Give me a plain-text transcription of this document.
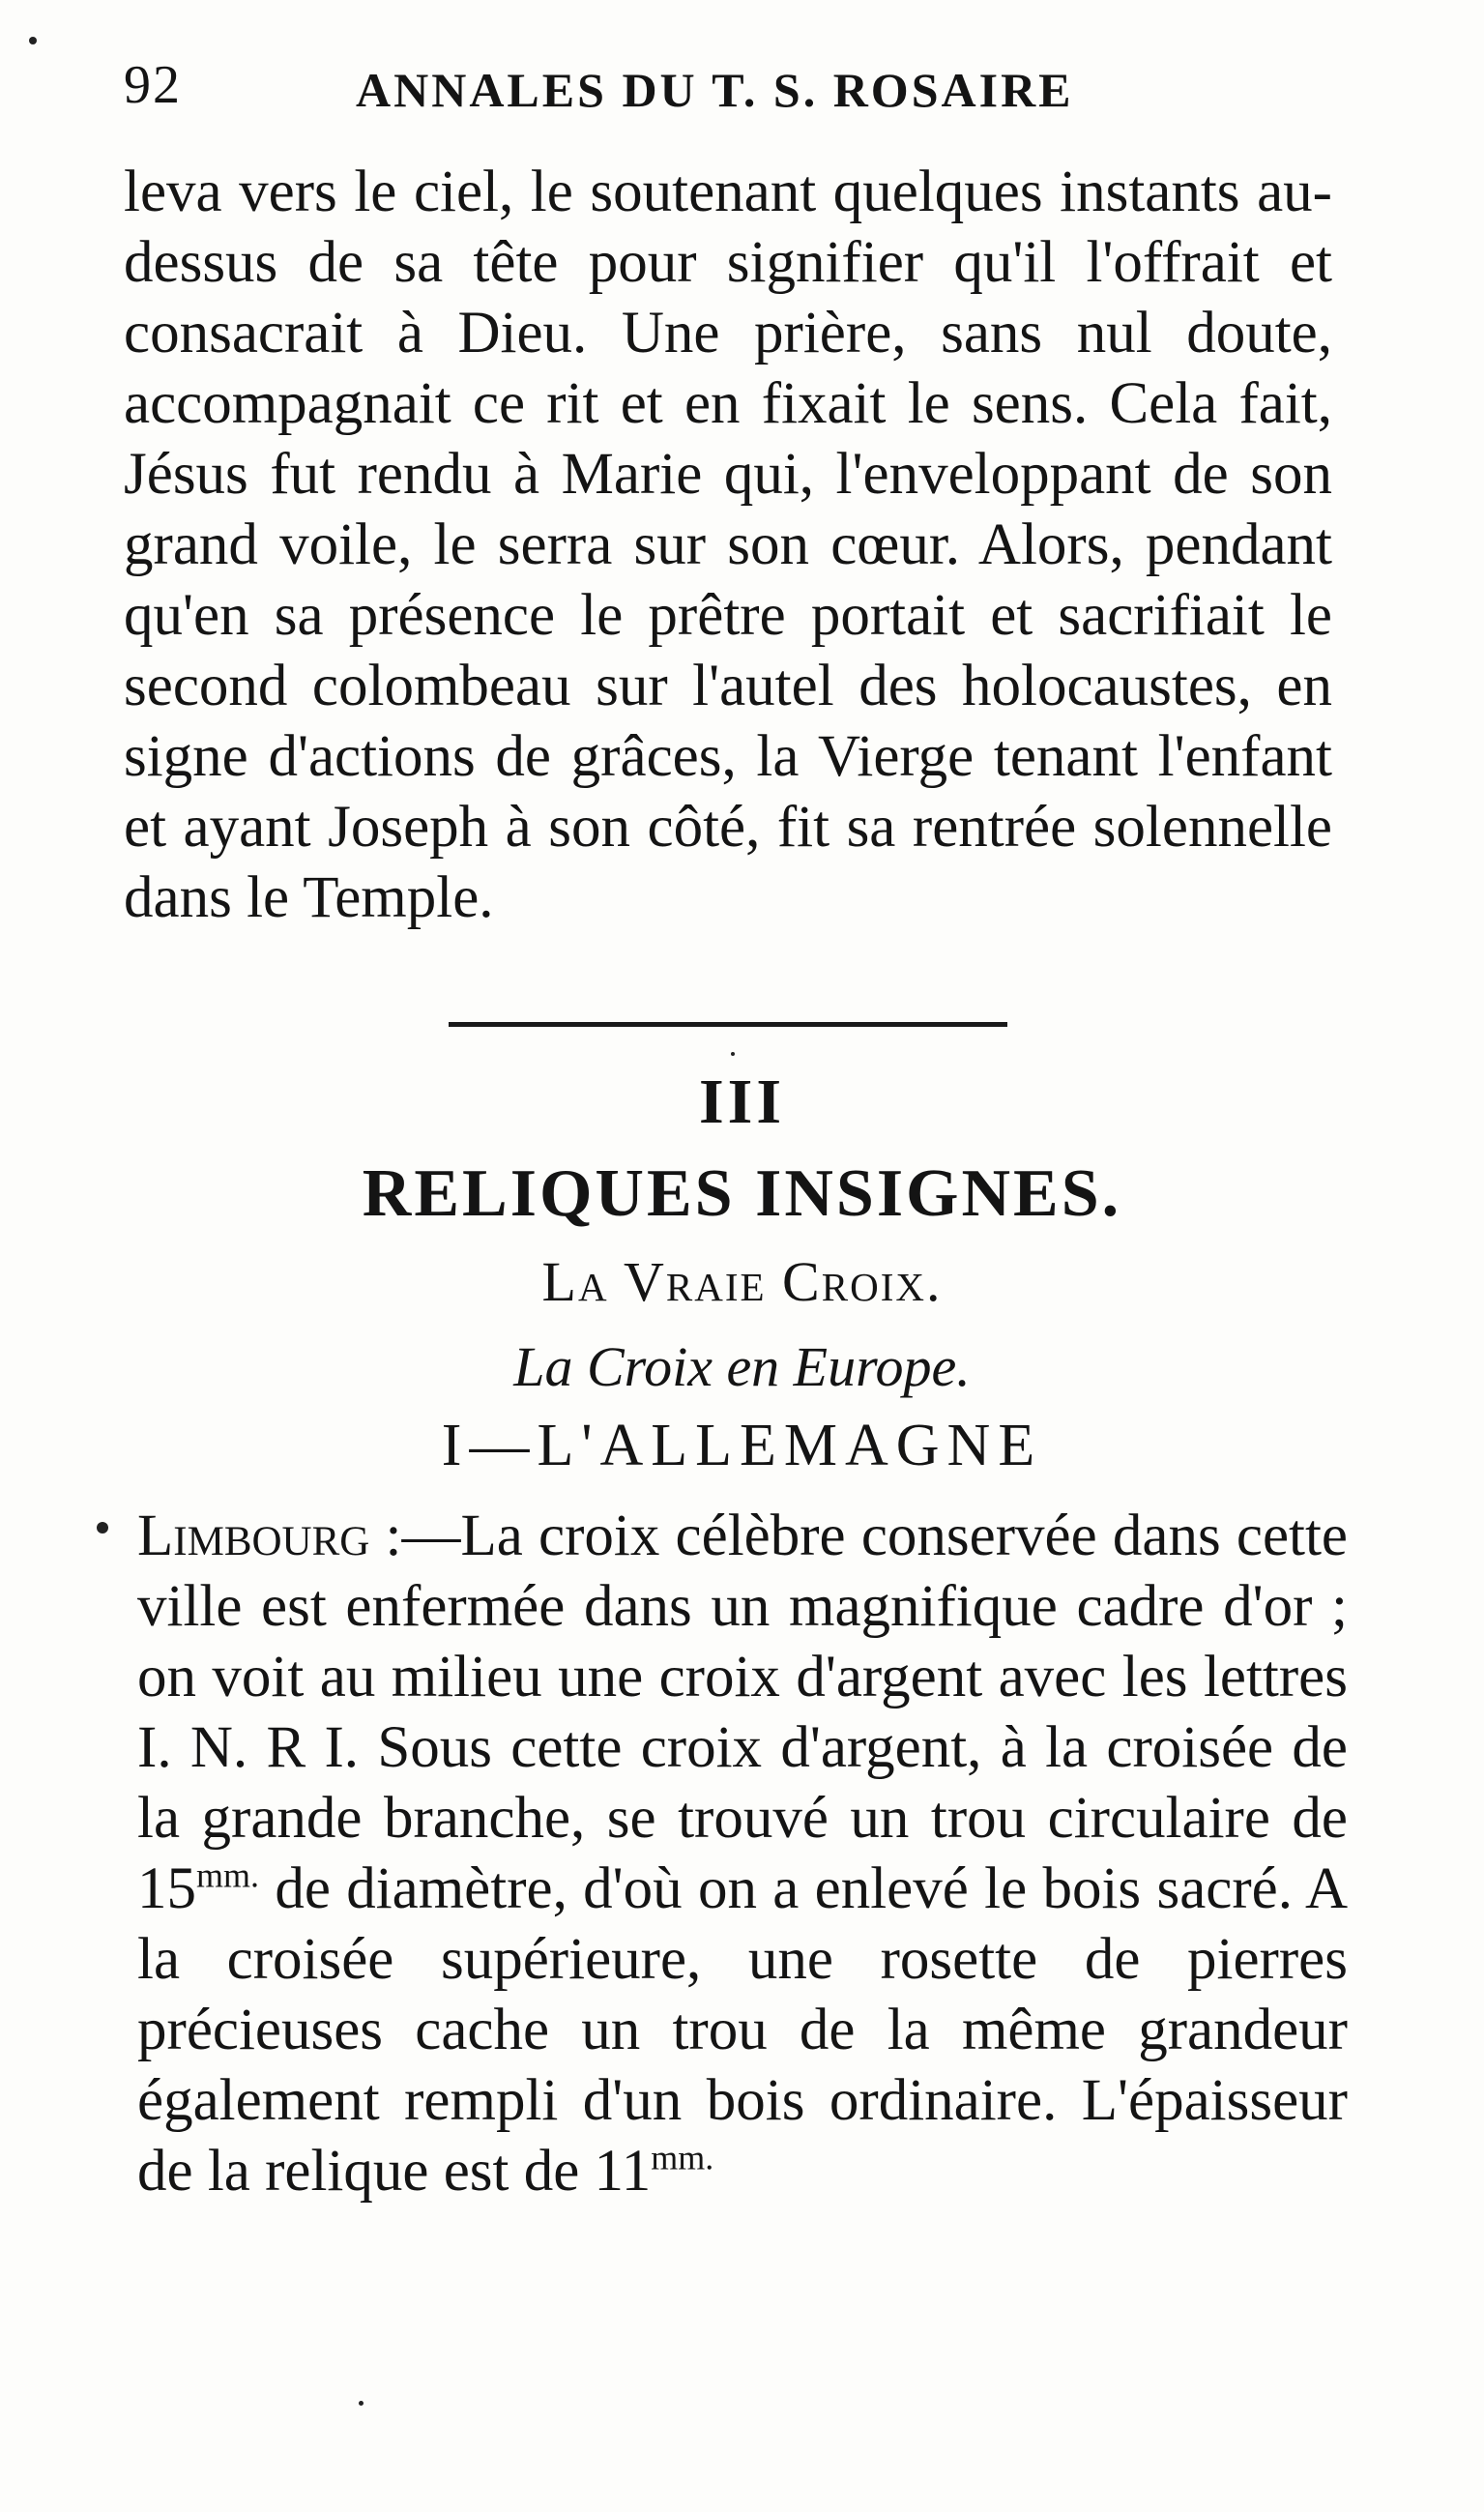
92	ANNALES DU T. S. ROSAIRE

leva vers le ciel, le soutenant quelques instants au-dessus de sa tête pour signifier qu'il l'offrait et consacrait à Dieu. Une prière, sans nul doute, accompagnait ce rit et en fixait le sens. Cela fait, Jésus fut rendu à Marie qui, l'enveloppant de son grand voile, le serra sur son cœur. Alors, pendant qu'en sa présence le prêtre portait et sacrifiait le second colombeau sur l'autel des holocaustes, en signe d'actions de grâces, la Vierge tenant l'enfant et ayant Joseph à son côté, fit sa rentrée solennelle dans le Temple.

III

RELIQUES INSIGNES.

La Vraie Croix.

La Croix en Europe.

I—L'ALLEMAGNE

Limbourg :—La croix célèbre conservée dans cette ville est enfermée dans un magnifique cadre d'or ; on voit au milieu une croix d'argent avec les lettres I. N. R I. Sous cette croix d'argent, à la croisée de la grande branche, se trouvé un trou circulaire de $15^{mm.}$ de diamètre, d'où on a enlevé le bois sacré. A la croisée supérieure, une rosette de pierres précieuses cache un trou de la même grandeur également rempli d'un bois ordinaire. L'épaisseur de la relique est de $11^{mm.}$
